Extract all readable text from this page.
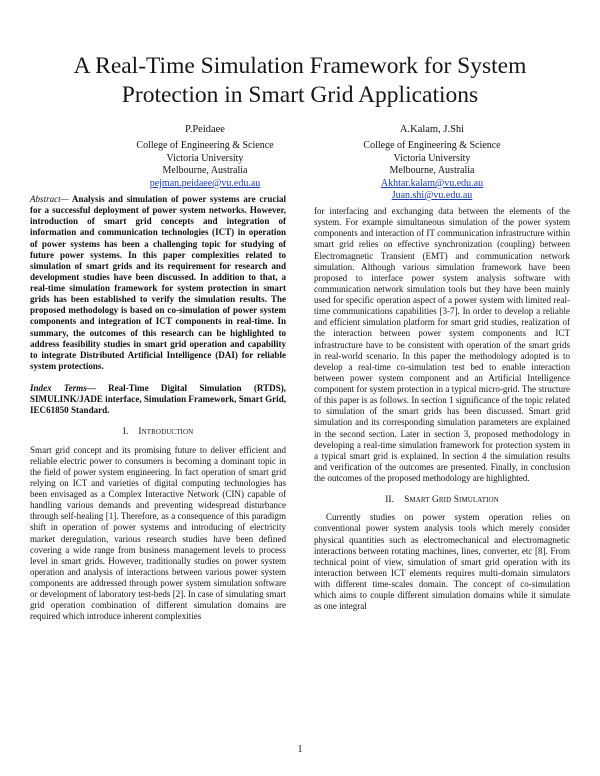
A Real-Time Simulation Framework for System
Protection in Smart Grid Applications
P.Peidaee
College of Engineering & Science
Victoria University
Melbourne, Australia
pejman.peidaee@vu.edu.au
A.Kalam, J.Shi
College of Engineering & Science
Victoria University
Melbourne, Australia
Akhtar.kalam@vu.edu.au
Juan.shi@vu.edu.au

Abstract— Analysis and simulation of power systems are crucial for a successful deployment of power system networks. However, introduction of smart grid concepts and integration of information and communication technologies (ICT) in operation of power systems has been a challenging topic for studying of future power systems. In this paper complexities related to simulation of smart grids and its requirement for research and development studies have been discussed. In addition to that, a real-time simulation framework for system protection in smart grids has been established to verify the simulation results. The proposed methodology is based on co-simulation of power system components and integration of ICT components in real-time. In summary, the outcomes of this research can be highlighted to address feasibility studies in smart grid operation and capability to integrate Distributed Artificial Intelligence (DAI) for reliable system protections.

Index Terms— Real-Time Digital Simulation (RTDS), SIMULINK/JADE interface, Simulation Framework, Smart Grid, IEC61850 Standard.

I. Introduction

Smart grid concept and its promising future to deliver efficient and reliable electric power to consumers is becoming a dominant topic in the field of power system engineering. In fact operation of smart grid relying on ICT and varieties of digital computing technologies has been envisaged as a Complex Interactive Network (CIN) capable of handling various demands and preventing widespread disturbance through self-healing [1]. Therefore, as a consequence of this paradigm shift in operation of power systems and introducing of electricity market deregulation, various research studies have been defined covering a wide range from business management levels to process level in smart grids. However, traditionally studies on power system operation and analysis of interactions between various power system components are addressed through power system simulation software or development of laboratory test-beds [2]. In case of simulating smart grid operation combination of different simulation domains are required which introduce inherent complexities

for interfacing and exchanging data between the elements of the system. For example simultaneous simulation of the power system components and interaction of IT communication infrastructure within smart grid relies on effective synchronization (coupling) between Electromagnetic Transient (EMT) and communication network simulation. Although various simulation framework have been proposed to interface power system analysis software with communication network simulation tools but they have been mainly used for specific operation aspect of a power system with limited real-time communications capabilities [3-7]. In order to develop a reliable and efficient simulation platform for smart grid studies, realization of the interaction between power system components and ICT infrastructure have to be consistent with operation of the smart grids in real-world scenario. In this paper the methodology adopted is to develop a real-time co-simulation test bed to enable interaction between power system component and an Artificial Intelligence component for system protection in a typical micro-grid. The structure of this paper is as follows. In section 1 significance of the topic related to simulation of the smart grids has been discussed. Smart grid simulation and its corresponding simulation parameters are explained in the second section. Later in section 3, proposed methodology in developing a real-time simulation framework for protection system in a typical smart grid is explained. In section 4 the simulation results and verification of the outcomes are presented. Finally, in conclusion the outcomes of the proposed methodology are highlighted.

II. Smart Grid Simulation

Currently studies on power system operation relies on conventional power system analysis tools which merely consider physical quantities such as electromechanical and electromagnetic interactions between rotating machines, lines, converter, etc [8]. From technical point of view, simulation of smart grid operation with its interaction between ICT elements requires multi-domain simulators with different time-scales domain. The concept of co-simulation which aims to couple different simulation domains while it simulate as one integral

1
